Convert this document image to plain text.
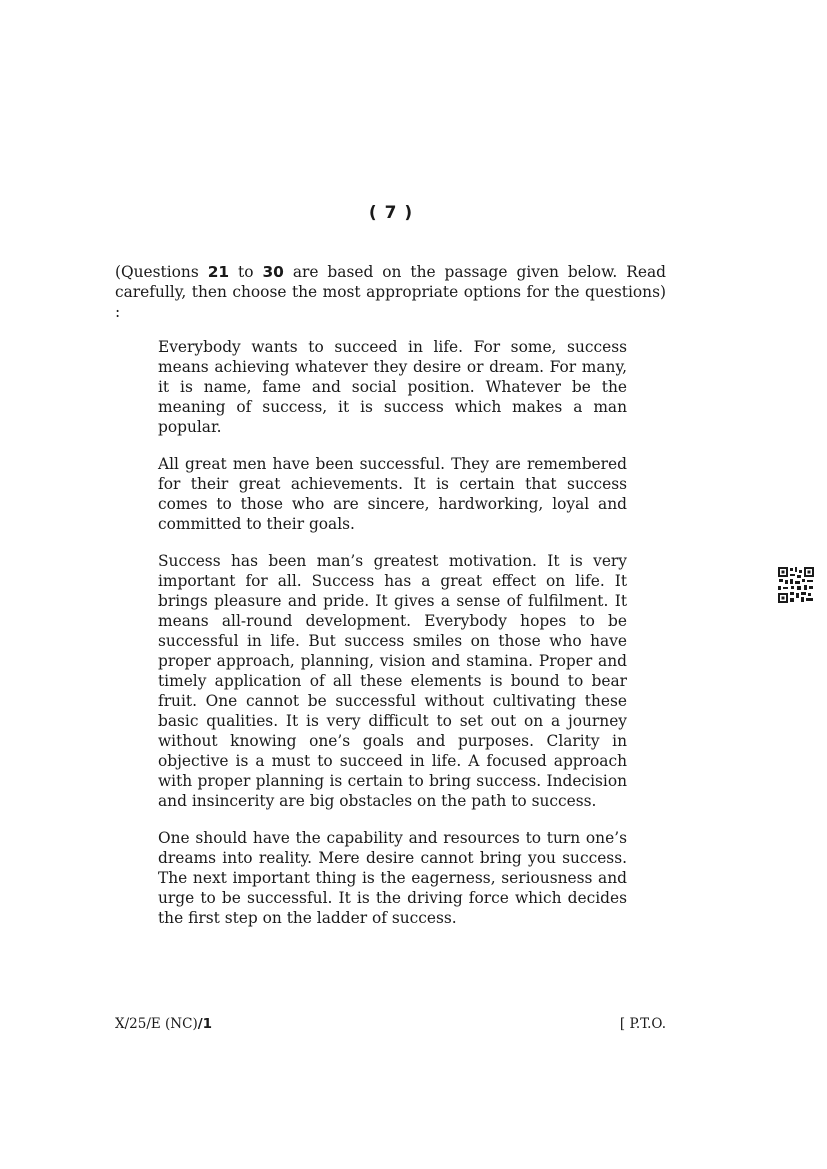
( 7 )
(Questions 21 to 30 are based on the passage given below. Read carefully, then choose the most appropriate options for the questions) :

Everybody wants to succeed in life. For some, success means achieving whatever they desire or dream. For many, it is name, fame and social position. Whatever be the meaning of success, it is success which makes a man popular.

All great men have been successful. They are remembered for their great achievements. It is certain that success comes to those who are sincere, hardworking, loyal and committed to their goals.

Success has been man’s greatest motivation. It is very important for all. Success has a great effect on life. It brings pleasure and pride. It gives a sense of fulfilment. It means all-round development. Everybody hopes to be successful in life. But success smiles on those who have proper approach, planning, vision and stamina. Proper and timely application of all these elements is bound to bear fruit. One cannot be successful without cultivating these basic qualities. It is very difficult to set out on a journey without knowing one’s goals and purposes. Clarity in objective is a must to succeed in life. A focused approach with proper planning is certain to bring success. Indecision and insincerity are big obstacles on the path to success.

One should have the capability and resources to turn one’s dreams into reality. Mere desire cannot bring you success. The next important thing is the eagerness, seriousness and urge to be successful. It is the driving force which decides the first step on the ladder of success.

X/25/E (NC)/1	[ P.T.O.
